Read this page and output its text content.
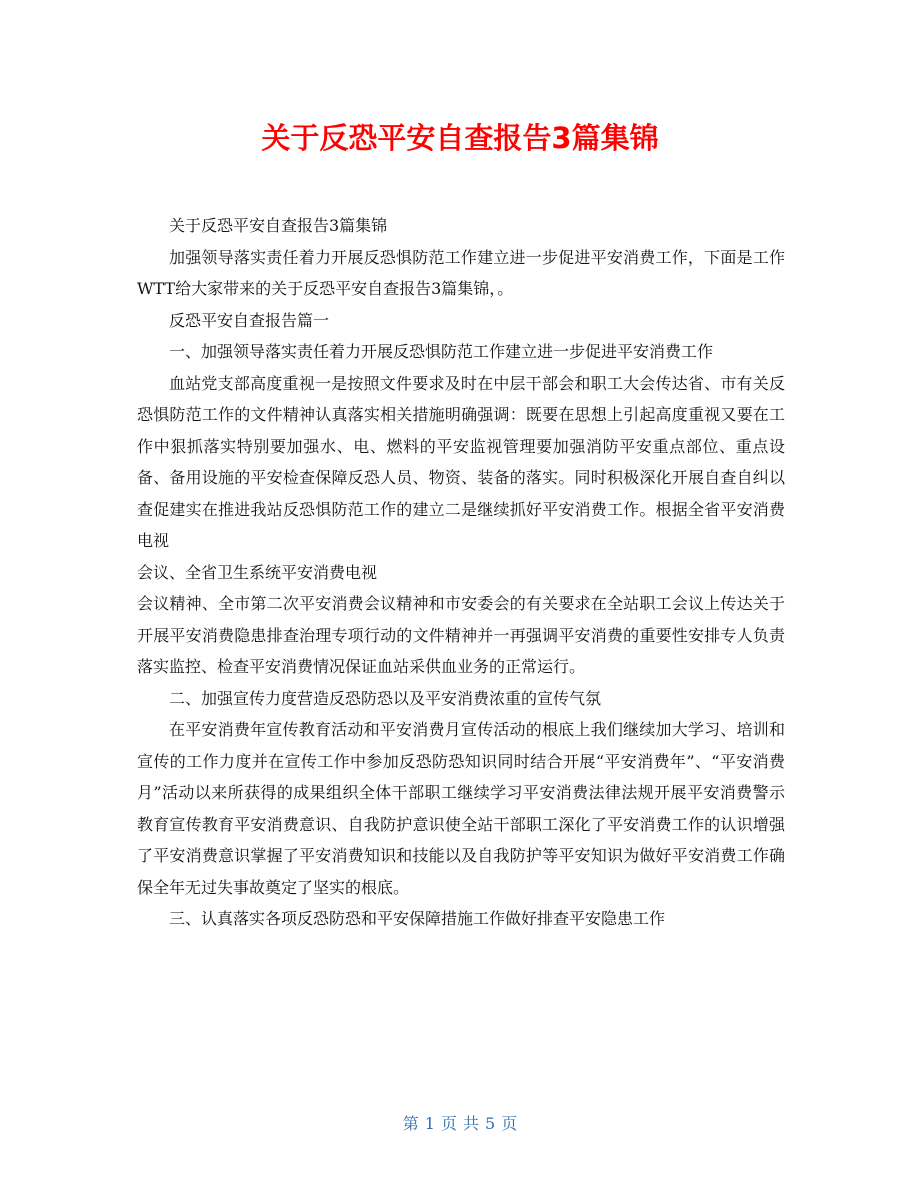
关于反恐平安自查报告3篇集锦

关于反恐平安自查报告3篇集锦

加强领导落实责任着力开展反恐惧防范工作建立进一步促进平安消费工作，下面是工作WTT给大家带来的关于反恐平安自查报告3篇集锦，。

反恐平安自查报告篇一

一、加强领导落实责任着力开展反恐惧防范工作建立进一步促进平安消费工作

血站党支部高度重视一是按照文件要求及时在中层干部会和职工大会传达省、市有关反恐惧防范工作的文件精神认真落实相关措施明确强调：既要在思想上引起高度重视又要在工作中狠抓落实特别要加强水、电、燃料的平安监视管理要加强消防平安重点部位、重点设备、备用设施的平安检查保障反恐人员、物资、装备的落实。同时积极深化开展自查自纠以查促建实在推进我站反恐惧防范工作的建立二是继续抓好平安消费工作。根据全省平安消费电视

会议、全省卫生系统平安消费电视

会议精神、全市第二次平安消费会议精神和市安委会的有关要求在全站职工会议上传达关于开展平安消费隐患排查治理专项行动的文件精神并一再强调平安消费的重要性安排专人负责落实监控、检查平安消费情况保证血站采供血业务的正常运行。

二、加强宣传力度营造反恐防恐以及平安消费浓重的宣传气氛

在平安消费年宣传教育活动和平安消费月宣传活动的根底上我们继续加大学习、培训和宣传的工作力度并在宣传工作中参加反恐防恐知识同时结合开展“平安消费年”、“平安消费月”活动以来所获得的成果组织全体干部职工继续学习平安消费法律法规开展平安消费警示教育宣传教育平安消费意识、自我防护意识使全站干部职工深化了平安消费工作的认识增强了平安消费意识掌握了平安消费知识和技能以及自我防护等平安知识为做好平安消费工作确保全年无过失事故奠定了坚实的根底。

三、认真落实各项反恐防恐和平安保障措施工作做好排查平安隐患工作

第 1 页 共 5 页
